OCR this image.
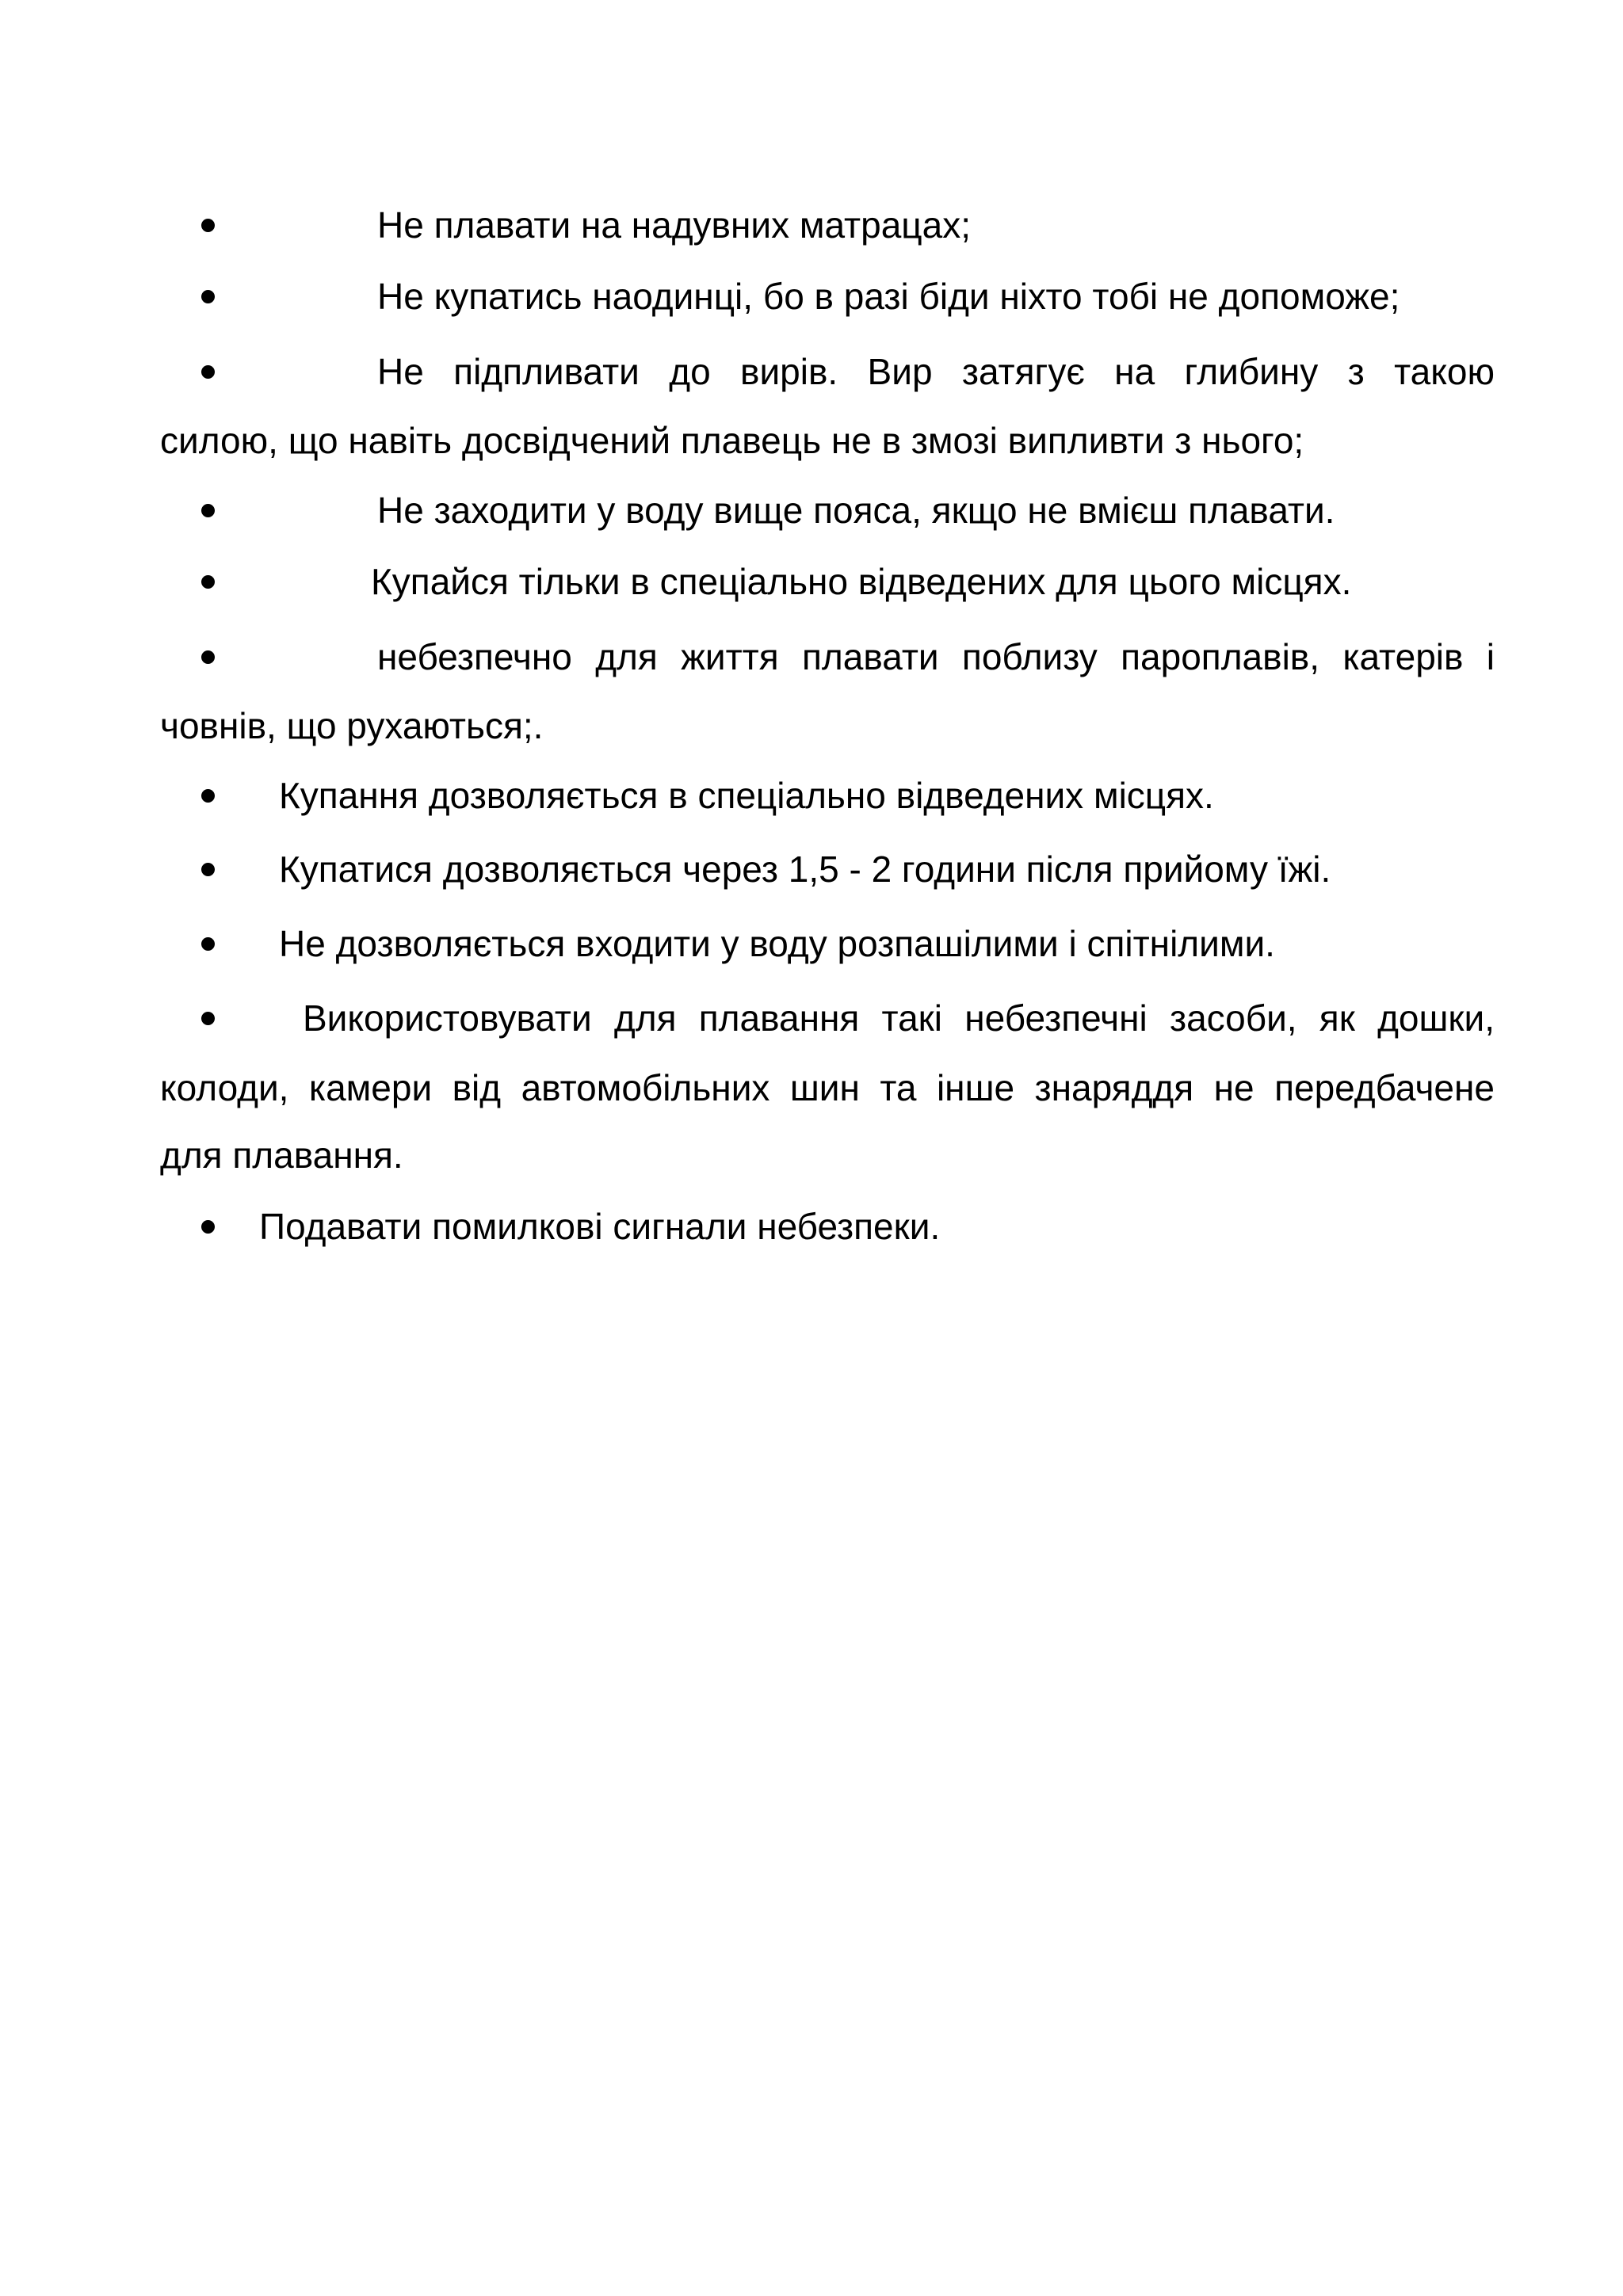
Не плавати на надувних матрацах;
Не купатись наодинці, бо в разі біди ніхто тобі не допоможе;
Не підпливати до вирів. Вир затягує на глибину з такою
силою, що навіть досвідчений плавець не в змозі випливти з нього;
Не заходити у воду вище пояса, якщо не вмієш плавати.
Купайся тільки в спеціально відведених для цього місцях.
небезпечно для життя плавати поблизу пароплавів, катерів і
човнів, що рухаються;.
Купання дозволяється в спеціально відведених місцях.
Купатися дозволяється через 1,5 - 2 години після прийому їжі.
Не дозволяється входити у воду розпашілими і спітнілими.
Використовувати для плавання такі небезпечні засоби, як дошки,
колоди, камери від автомобільних шин та інше знаряддя не передбачене
для плавання.
Подавати помилкові сигнали небезпеки.
